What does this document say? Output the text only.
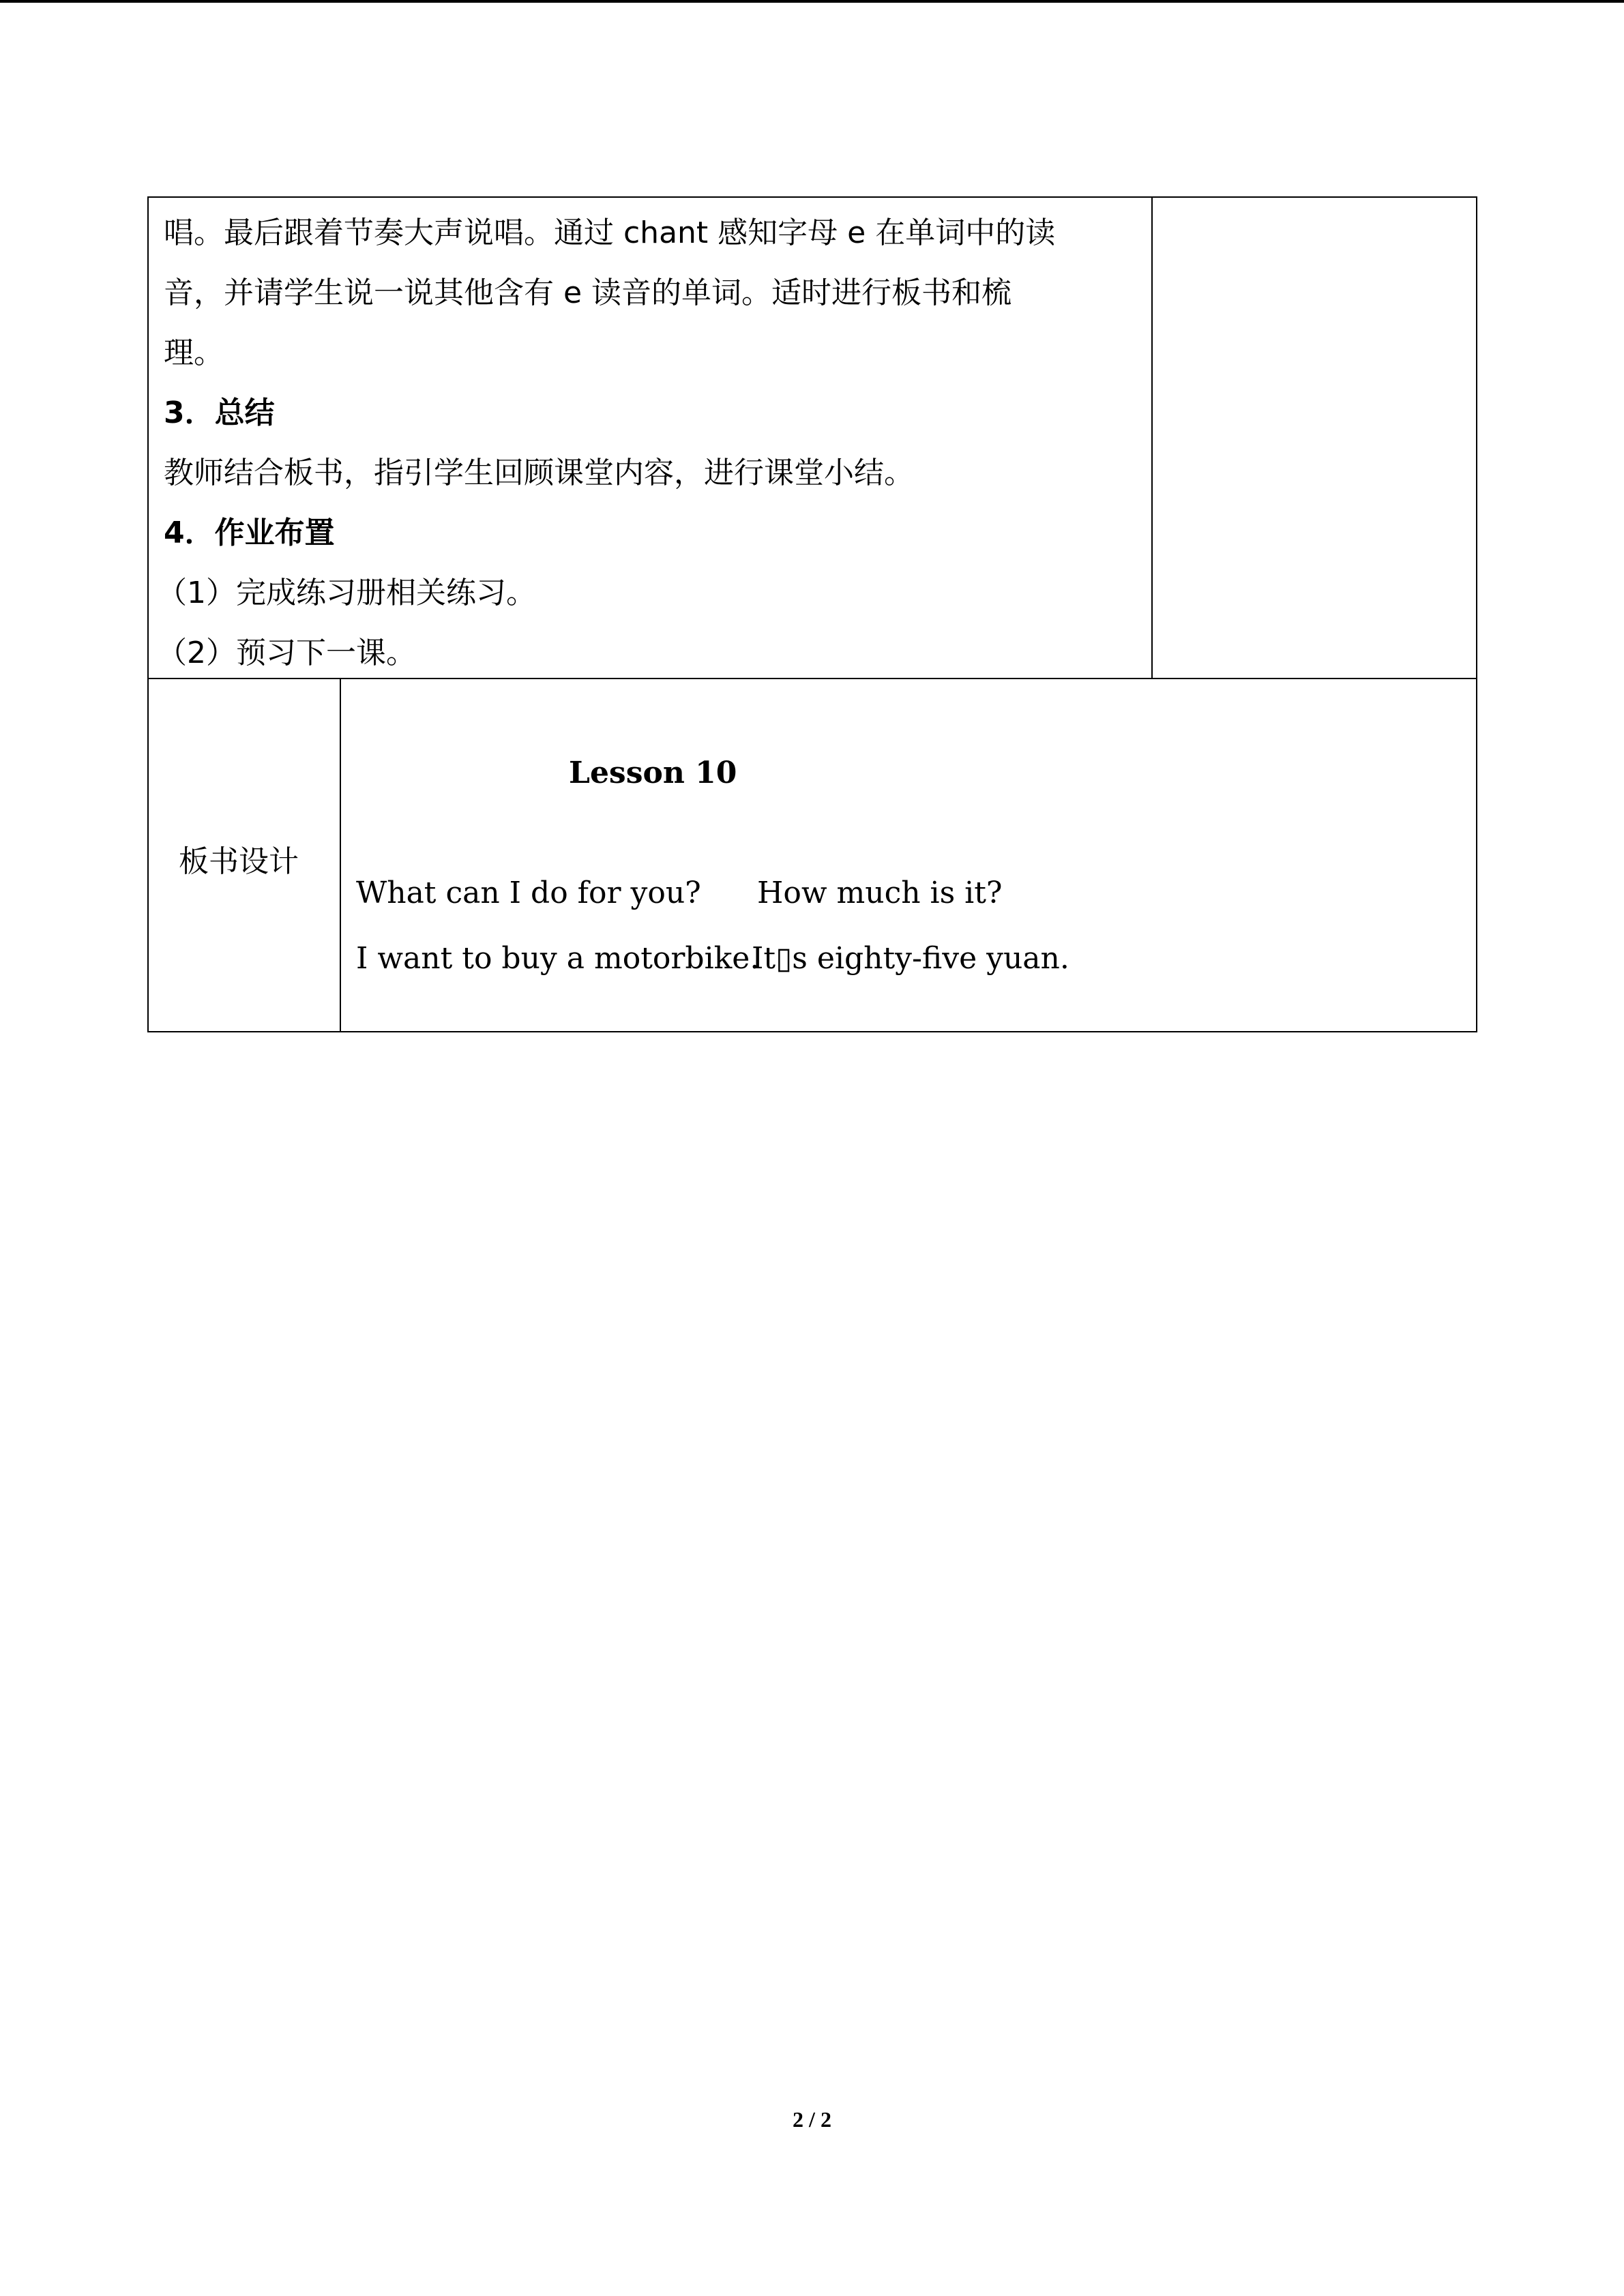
唱。最后跟着节奏大声说唱。通过 chant 感知字母 e 在单词中的读
音，并请学生说一说其他含有 e 读音的单词。适时进行板书和梳
理。
3．总结
教师结合板书，指引学生回顾课堂内容，进行课堂小结。
4．作业布置
（1）完成练习册相关练习。
（2）预习下一课。
板书设计
Lesson 10
What can I do for you?
I want to buy a motorbike.
How much is it?
It▯s eighty-five yuan.
2 / 2
